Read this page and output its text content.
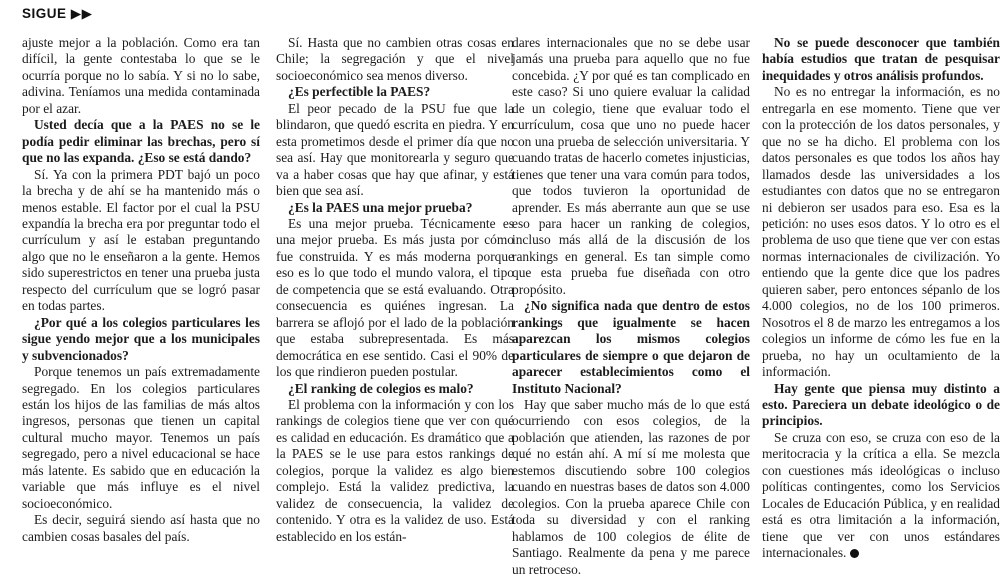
SIGUE ▶▶

ajuste mejor a la población. Como era tan difícil, la gente contestaba lo que se le ocurría porque no lo sabía. Y si no lo sabe, adivina. Teníamos una medida contaminada por el azar.

Usted decía que a la PAES no se le podía pedir eliminar las brechas, pero sí que no las expanda. ¿Eso se está dando?

Sí. Ya con la primera PDT bajó un poco la brecha y de ahí se ha mantenido más o menos estable. El factor por el cual la PSU expandía la brecha era por preguntar todo el currículum y así le estaban preguntando algo que no le enseñaron a la gente. Hemos sido superestrictos en tener una prueba justa respecto del currículum que se logró pasar en todas partes.

¿Por qué a los colegios particulares les sigue yendo mejor que a los municipales y subvencionados?

Porque tenemos un país extremadamente segregado. En los colegios particulares están los hijos de las familias de más altos ingresos, personas que tienen un capital cultural mucho mayor. Tenemos un país segregado, pero a nivel educacional se hace más latente. Es sabido que en educación la variable que más influye es el nivel socioeconómico.

Es decir, seguirá siendo así hasta que no cambien cosas basales del país.

Sí. Hasta que no cambien otras cosas en Chile; la segregación y que el nivel socioeconómico sea menos diverso.

¿Es perfectible la PAES?

El peor pecado de la PSU fue que la blindaron, que quedó escrita en piedra. Y en esta prometimos desde el primer día que no sea así. Hay que monitorearla y seguro que va a haber cosas que hay que afinar, y está bien que sea así.

¿Es la PAES una mejor prueba?

Es una mejor prueba. Técnicamente es una mejor prueba. Es más justa por cómo fue construida. Y es más moderna porque eso es lo que todo el mundo valora, el tipo de competencia que se está evaluando. Otra consecuencia es quiénes ingresan. La barrera se aflojó por el lado de la población que estaba subrepresentada. Es más democrática en ese sentido. Casi el 90% de los que rindieron pueden postular.

¿El ranking de colegios es malo?

El problema con la información y con los rankings de colegios tiene que ver con qué es calidad en educación. Es dramático que a la PAES se le use para estos rankings de colegios, porque la validez es algo bien complejo. Está la validez predictiva, la validez de consecuencia, la validez de contenido. Y otra es la validez de uso. Está establecido en los están-

dares internacionales que no se debe usar jamás una prueba para aquello que no fue concebida. ¿Y por qué es tan complicado en este caso? Si uno quiere evaluar la calidad de un colegio, tiene que evaluar todo el currículum, cosa que uno no puede hacer con una prueba de selección universitaria. Y cuando tratas de hacerlo cometes injusticias, tienes que tener una vara común para todos, que todos tuvieron la oportunidad de aprender. Es más aberrante aun que se use eso para hacer un ranking de colegios, incluso más allá de la discusión de los rankings en general. Es tan simple como que esta prueba fue diseñada con otro propósito.

¿No significa nada que dentro de estos rankings que igualmente se hacen aparezcan los mismos colegios particulares de siempre o que dejaron de aparecer establecimientos como el Instituto Nacional?

Hay que saber mucho más de lo que está ocurriendo con esos colegios, de la población que atienden, las razones de por qué no están ahí. A mí sí me molesta que estemos discutiendo sobre 100 colegios cuando en nuestras bases de datos son 4.000 colegios. Con la prueba aparece Chile con toda su diversidad y con el ranking hablamos de 100 colegios de élite de Santiago. Realmente da pena y me parece un retroceso.

No se puede desconocer que también había estudios que tratan de pesquisar inequidades y otros análisis profundos.

No es no entregar la información, es no entregarla en ese momento. Tiene que ver con la protección de los datos personales, y que no se ha dicho. El problema con los datos personales es que todos los años hay llamados desde las universidades a los estudiantes con datos que no se entregaron ni debieron ser usados para eso. Esa es la petición: no uses esos datos. Y lo otro es el problema de uso que tiene que ver con estas normas internacionales de civilización. Yo entiendo que la gente dice que los padres quieren saber, pero entonces sépanlo de los 4.000 colegios, no de los 100 primeros. Nosotros el 8 de marzo les entregamos a los colegios un informe de cómo les fue en la prueba, no hay un ocultamiento de la información.

Hay gente que piensa muy distinto a esto. Pareciera un debate ideológico o de principios.

Se cruza con eso, se cruza con eso de la meritocracia y la crítica a ella. Se mezcla con cuestiones más ideológicas o incluso políticas contingentes, como los Servicios Locales de Educación Pública, y en realidad está es otra limitación a la información, tiene que ver con unos estándares internacionales.
